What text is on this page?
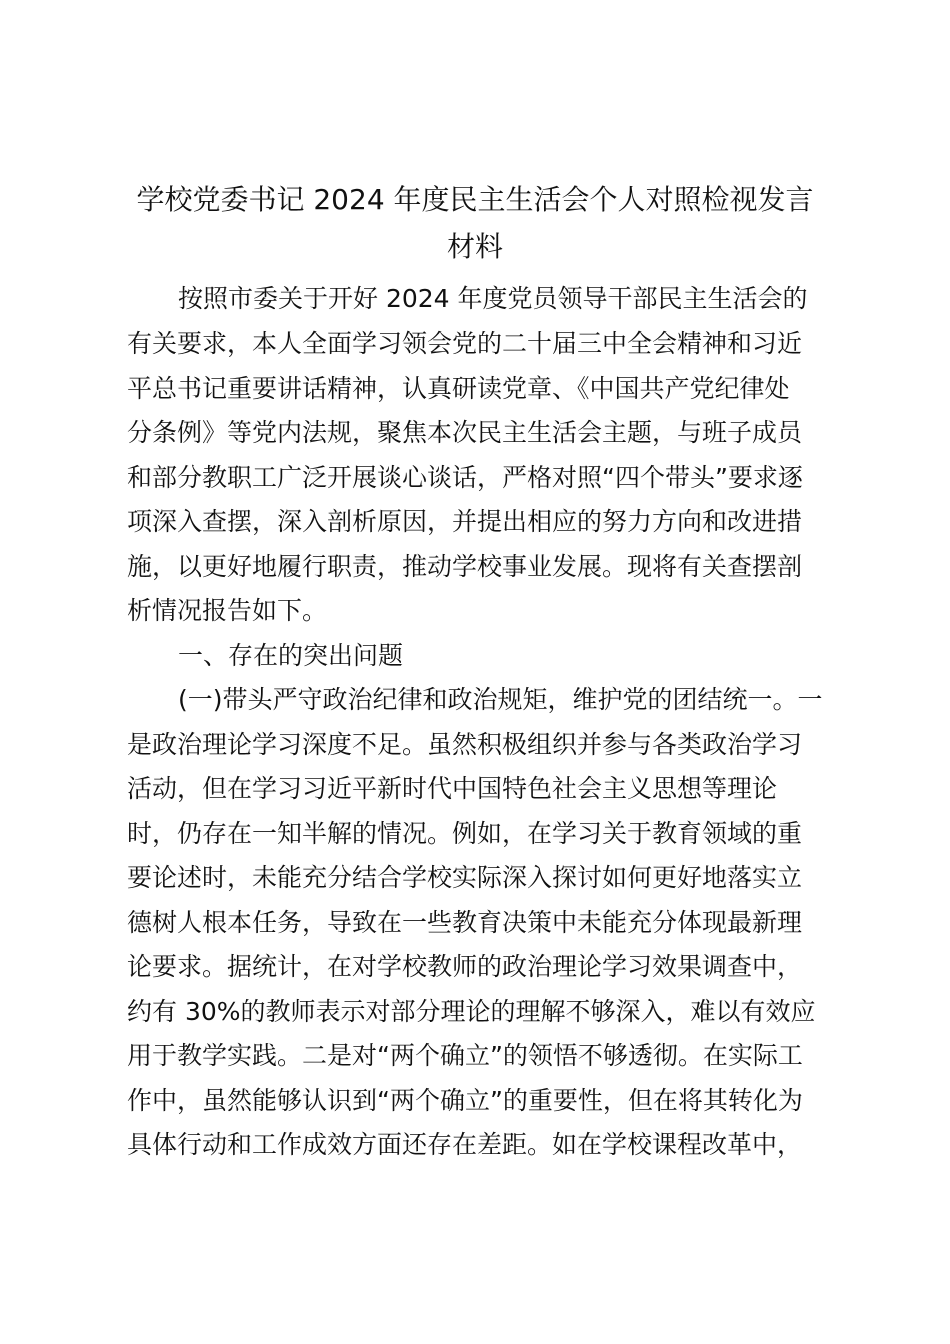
学校党委书记 2024 年度民主生活会个人对照检视发言
材料

按照市委关于开好 2024 年度党员领导干部民主生活会的

有关要求，本人全面学习领会党的二十届三中全会精神和习近

平总书记重要讲话精神，认真研读党章、《中国共产党纪律处

分条例》等党内法规，聚焦本次民主生活会主题，与班子成员

和部分教职工广泛开展谈心谈话，严格对照“四个带头”要求逐

项深入查摆，深入剖析原因，并提出相应的努力方向和改进措

施，以更好地履行职责，推动学校事业发展。现将有关查摆剖

析情况报告如下。

一、存在的突出问题

(一)带头严守政治纪律和政治规矩，维护党的团结统一。一

是政治理论学习深度不足。虽然积极组织并参与各类政治学习

活动，但在学习习近平新时代中国特色社会主义思想等理论

时，仍存在一知半解的情况。例如，在学习关于教育领域的重

要论述时，未能充分结合学校实际深入探讨如何更好地落实立

德树人根本任务，导致在一些教育决策中未能充分体现最新理

论要求。据统计，在对学校教师的政治理论学习效果调查中，

约有 30%的教师表示对部分理论的理解不够深入，难以有效应

用于教学实践。二是对“两个确立”的领悟不够透彻。在实际工

作中，虽然能够认识到“两个确立”的重要性，但在将其转化为

具体行动和工作成效方面还存在差距。如在学校课程改革中，
